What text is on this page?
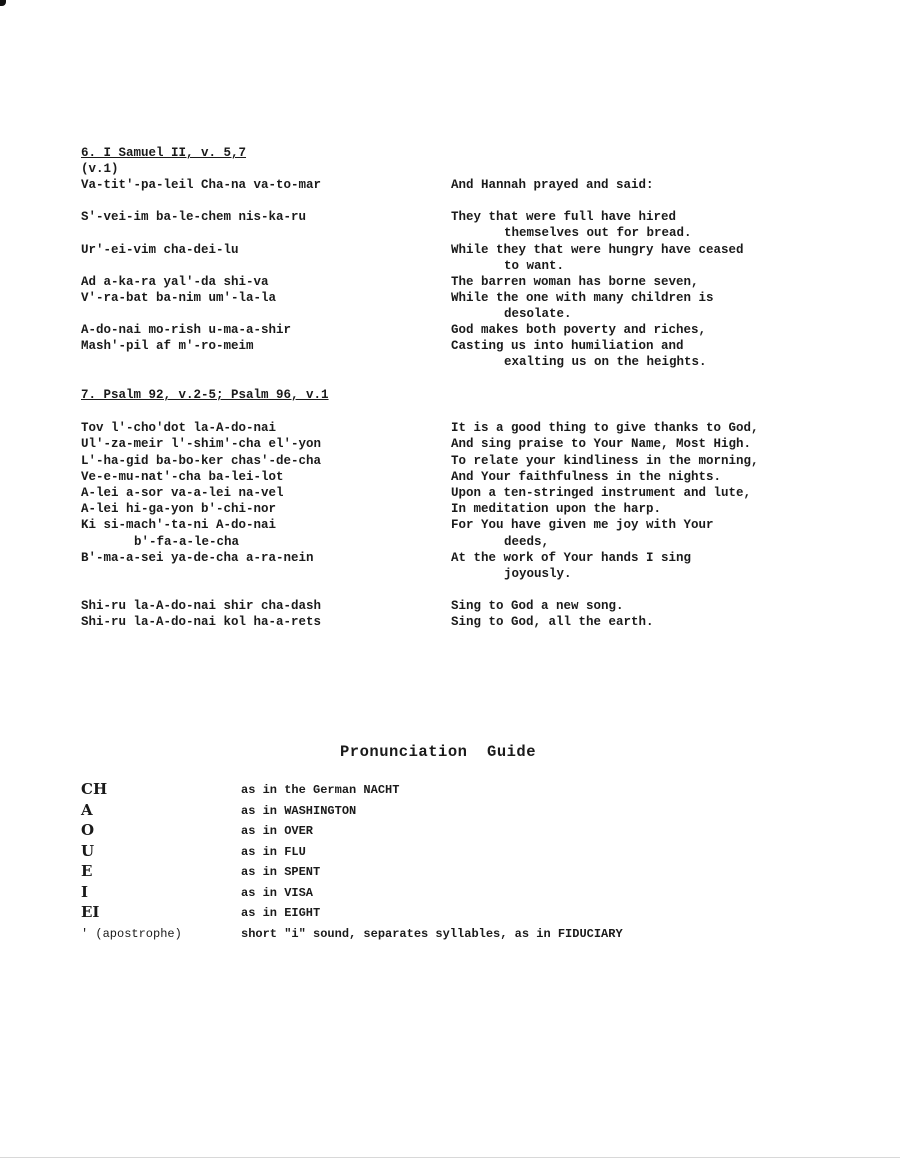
6. I Samuel II, v. 5,7
(v.1)
Va-tit'-pa-leil Cha-na va-to-mar	And Hannah prayed and said:
S'-vei-im ba-le-chem nis-ka-ru	They that were full have hired
themselves out for bread.
Ur'-ei-vim cha-dei-lu	While they that were hungry have ceased
to want.
Ad a-ka-ra yal'-da shi-va	The barren woman has borne seven,
V'-ra-bat ba-nim um'-la-la	While the one with many children is
desolate.
A-do-nai mo-rish u-ma-a-shir	God makes both poverty and riches,
Mash'-pil af m'-ro-meim	Casting us into humiliation and
exalting us on the heights.
7. Psalm 92, v.2-5; Psalm 96, v.1
Tov l'-cho'dot la-A-do-nai	It is a good thing to give thanks to God,
Ul'-za-meir l'-shim'-cha el'-yon	And sing praise to Your Name, Most High.
L'-ha-gid ba-bo-ker chas'-de-cha	To relate your kindliness in the morning,
Ve-e-mu-nat'-cha ba-lei-lot	And Your faithfulness in the nights.
A-lei a-sor va-a-lei na-vel	Upon a ten-stringed instrument and lute,
A-lei hi-ga-yon b'-chi-nor	In meditation upon the harp.
Ki si-mach'-ta-ni A-do-nai	For You have given me joy with Your
b'-fa-a-le-cha	deeds,
B'-ma-a-sei ya-de-cha a-ra-nein	At the work of Your hands I sing
joyously.
Shi-ru la-A-do-nai shir cha-dash	Sing to God a new song.
Shi-ru la-A-do-nai kol ha-a-rets	Sing to God, all the earth.
Pronunciation  Guide
CH	as in the German NACHT
A	as in WASHINGTON
O	as in OVER
U	as in FLU
E	as in SPENT
I	as in VISA
EI	as in EIGHT
' (apostrophe)	short "i" sound, separates syllables, as in FIDUCIARY
